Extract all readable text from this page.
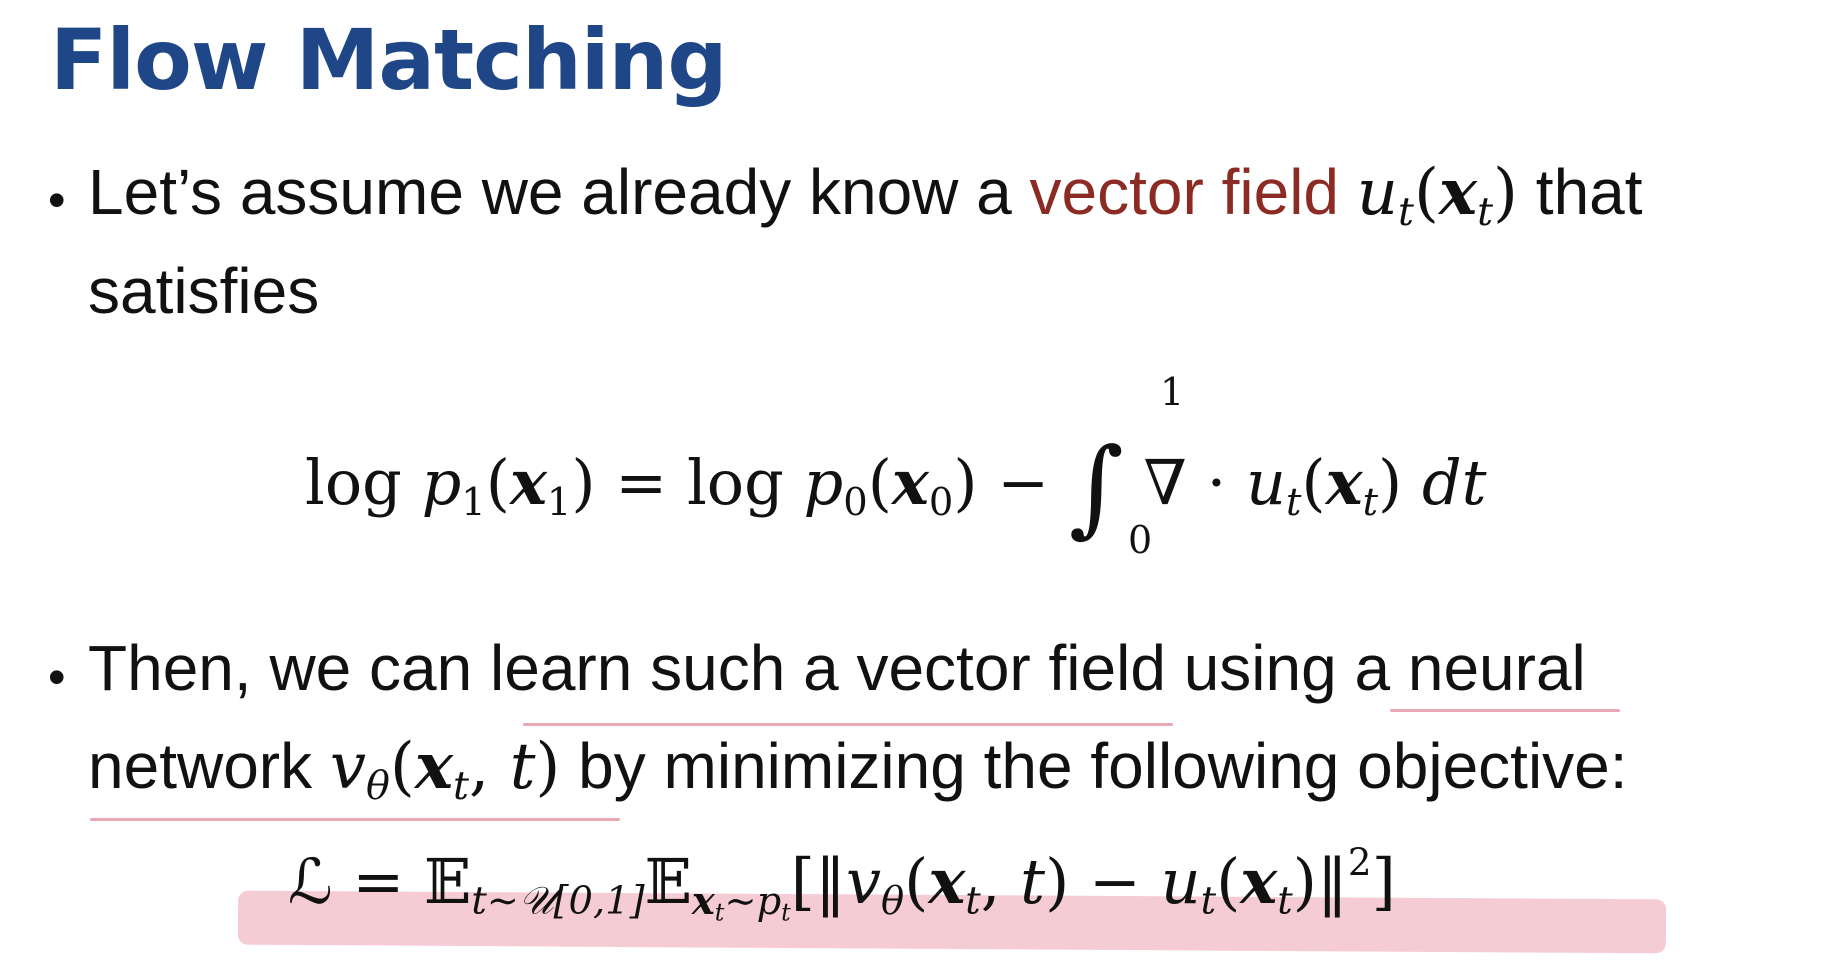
Flow Matching
• Let’s assume we already know a vector field $u_t(x_t)$ that
satisfies
$\log p_1(x_1) = \log p_0(x_0)$ − ∫ ∇ · $u_t(x_t)$ dt
1
0
• Then, we can learn such a vector field using a neural
network $v_\theta(x_t$, t) by minimizing the following objective:
ℒ = $𝔼_{t\sim 𝒰[0,1]}𝔼_{x_t\sim p_t}[‖v_\theta(x_t$, $t) - u_t(x_t)‖^2$]
